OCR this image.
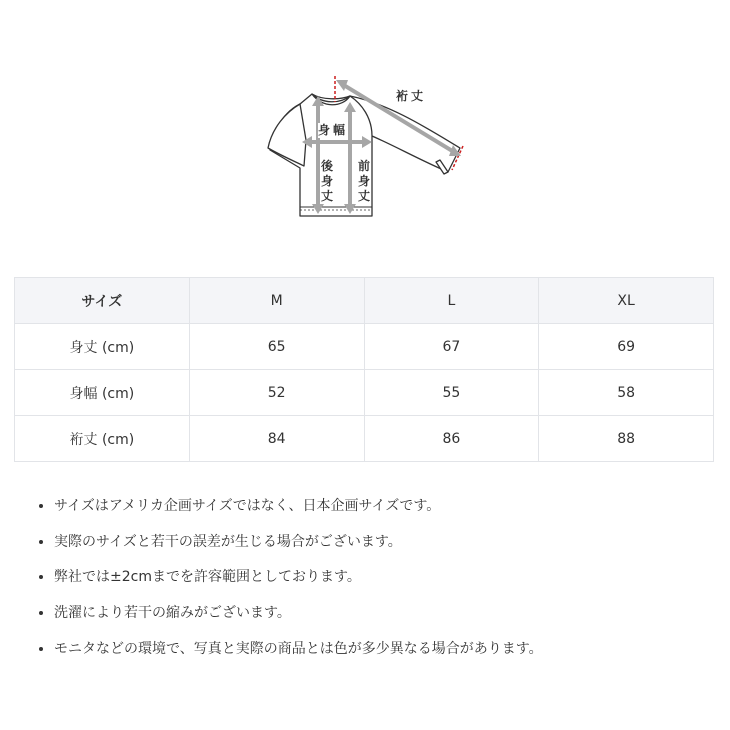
裄丈
身幅
後身丈
前身丈
サイズ	M	L	XL
身丈 (cm)	65	67	69
身幅 (cm)	52	55	58
裄丈 (cm)	84	86	88
• サイズはアメリカ企画サイズではなく、日本企画サイズです。
• 実際のサイズと若干の誤差が生じる場合がございます。
• 弊社では±2cmまでを許容範囲としております。
• 洗濯により若干の縮みがございます。
• モニタなどの環境で、写真と実際の商品とは色が多少異なる場合があります。
